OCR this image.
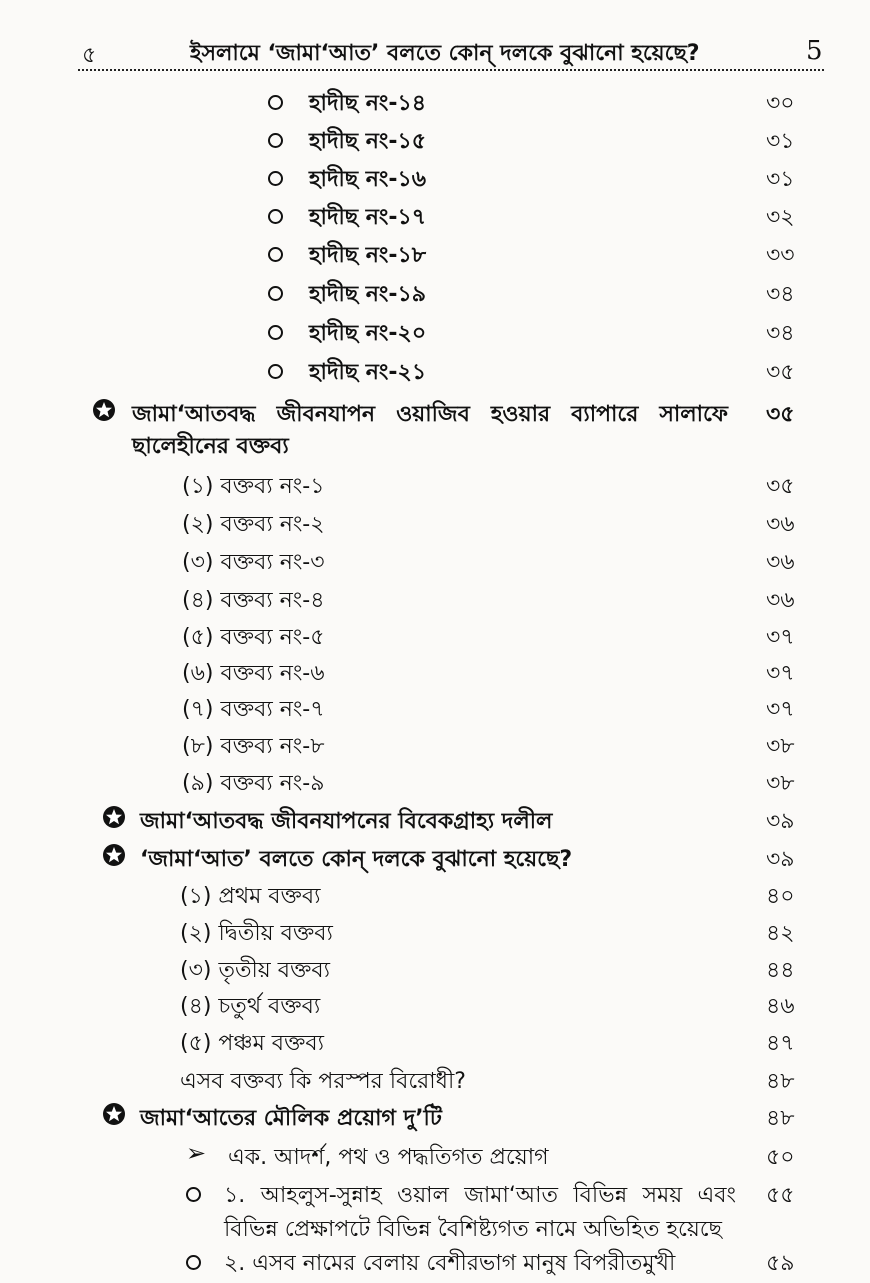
৫	ইসলামে ‘জামা‘আত’ বলতে কোন্ দলকে বুঝানো হয়েছে?	5
হাদীছ নং-১৪	৩০
হাদীছ নং-১৫	৩১
হাদীছ নং-১৬	৩১
হাদীছ নং-১৭	৩২
হাদীছ নং-১৮	৩৩
হাদীছ নং-১৯	৩৪
হাদীছ নং-২০	৩৪
হাদীছ নং-২১	৩৫
জামা‘আতবদ্ধ জীবনযাপন ওয়াজিব হওয়ার ব্যাপারে সালাফে
ছালেহীনের বক্তব্য
৩৫
(১) বক্তব্য নং-১	৩৫
(২) বক্তব্য নং-২	৩৬
(৩) বক্তব্য নং-৩	৩৬
(৪) বক্তব্য নং-৪	৩৬
(৫) বক্তব্য নং-৫	৩৭
(৬) বক্তব্য নং-৬	৩৭
(৭) বক্তব্য নং-৭	৩৭
(৮) বক্তব্য নং-৮	৩৮
(৯) বক্তব্য নং-৯	৩৮
জামা‘আতবদ্ধ জীবনযাপনের বিবেকগ্রাহ্য দলীল	৩৯
‘জামা‘আত’ বলতে কোন্ দলকে বুঝানো হয়েছে?	৩৯
(১) প্রথম বক্তব্য	৪০
(২) দ্বিতীয় বক্তব্য	৪২
(৩) তৃতীয় বক্তব্য	৪৪
(৪) চতুর্থ বক্তব্য	৪৬
(৫) পঞ্চম বক্তব্য	৪৭
এসব বক্তব্য কি পরস্পর বিরোধী?	৪৮
জামা‘আতের মৌলিক প্রয়োগ দু’টি	৪৮
➢ এক. আদর্শ, পথ ও পদ্ধতিগত প্রয়োগ	৫০
১. আহলুস-সুন্নাহ ওয়াল জামা‘আত বিভিন্ন সময় এবং
বিভিন্ন প্রেক্ষাপটে বিভিন্ন বৈশিষ্ট্যগত নামে অভিহিত হয়েছে
৫৫
২. এসব নামের বেলায় বেশীরভাগ মানুষ বিপরীতমুখী	৫৯
